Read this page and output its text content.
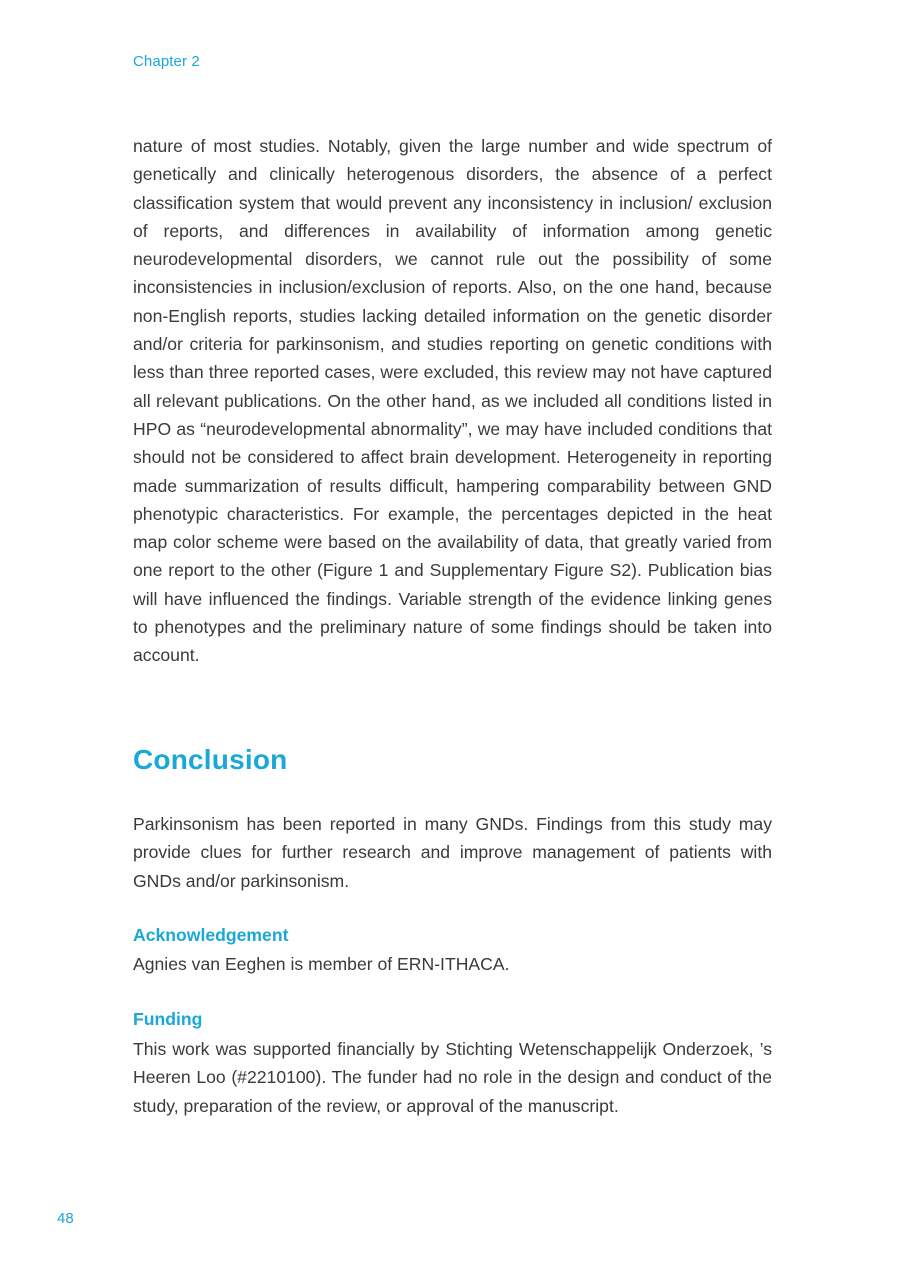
Chapter 2

nature of most studies. Notably, given the large number and wide spectrum of genetically and clinically heterogenous disorders, the absence of a perfect classification system that would prevent any inconsistency in inclusion/ exclusion of reports, and differences in availability of information among genetic neurodevelopmental disorders, we cannot rule out the possibility of some inconsistencies in inclusion/exclusion of reports. Also, on the one hand, because non-English reports, studies lacking detailed information on the genetic disorder and/or criteria for parkinsonism, and studies reporting on genetic conditions with less than three reported cases, were excluded, this review may not have captured all relevant publications. On the other hand, as we included all conditions listed in HPO as “neurodevelopmental abnormality”, we may have included conditions that should not be considered to affect brain development. Heterogeneity in reporting made summarization of results difficult, hampering comparability between GND phenotypic characteristics. For example, the percentages depicted in the heat map color scheme were based on the availability of data, that greatly varied from one report to the other (Figure 1 and Supplementary Figure S2). Publication bias will have influenced the findings. Variable strength of the evidence linking genes to phenotypes and the preliminary nature of some findings should be taken into account.

Conclusion

Parkinsonism has been reported in many GNDs. Findings from this study may provide clues for further research and improve management of patients with GNDs and/or parkinsonism.

Acknowledgement

Agnies van Eeghen is member of ERN-ITHACA.

Funding

This work was supported financially by Stichting Wetenschappelijk Onderzoek, ’s Heeren Loo (#2210100). The funder had no role in the design and conduct of the study, preparation of the review, or approval of the manuscript.

48
